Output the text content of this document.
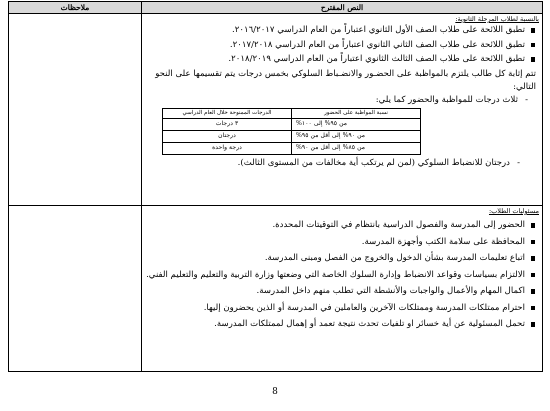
النص المقترح	ملاحظات

بالنسبة لطلاب المرحلة الثانوية:
تطبق اللائحة على طلاب الصف الأول الثانوي اعتباراً من العام الدراسي ٢٠١٦/٢٠١٧.
تطبق اللائحة على طلاب الصف الثاني الثانوي اعتباراً من العام الدراسي ٢٠١٧/٢٠١٨.
تطبق اللائحة على طلاب الصف الثالث الثانوي اعتباراً من العام الدراسي ٢٠١٨/٢٠١٩.
تتم إثابة كل طالب يلتزم بالمواظبة على الحضـور والانضـباط السلوكي بخمس درجات يتم تقسيمها على النحو التالي:
- ثلاث درجات للمواظبة والحضور كما يلي:
نسبة المواظبة على الحضور	الدرجات الممنوحة خلال العام الدراسي
من ٩٥% إلى ١٠٠%	٣ درجات
من ٩٠% إلى أقل من ٩٥%	درجتان
من ٨٥% إلى أقل من ٩٠%	درجة واحدة
- درجتان للانضباط السلوكي (لمن لم يرتكب أية مخالفات من المستوى الثالث).

مسئوليات الطلاب:
الحضور إلى المدرسة والفصول الدراسية بانتظام في التوقيتات المحددة.
المحافظة على سلامة الكتب وأجهزة المدرسة.
اتباع تعليمات المدرسة بشأن الدخول والخروج من الفصل ومبنى المدرسة.
الالتزام بسياسات وقواعد الانضباط وإدارة السلوك الخاصة التي وضعتها وزارة التربية والتعليم والتعليم الفني.
اكمال المهام والأعمال والواجبات والأنشطة التي تطلب منهم داخل المدرسة.
احترام ممتلكات المدرسة وممتلكات الآخرين والعاملين في المدرسة أو الذين يحضرون إليها.
تحمل المسئولية عن أية خسائر او تلفيات تحدث نتيجة تعمد أو إهمال لممتلكات المدرسة.

8
